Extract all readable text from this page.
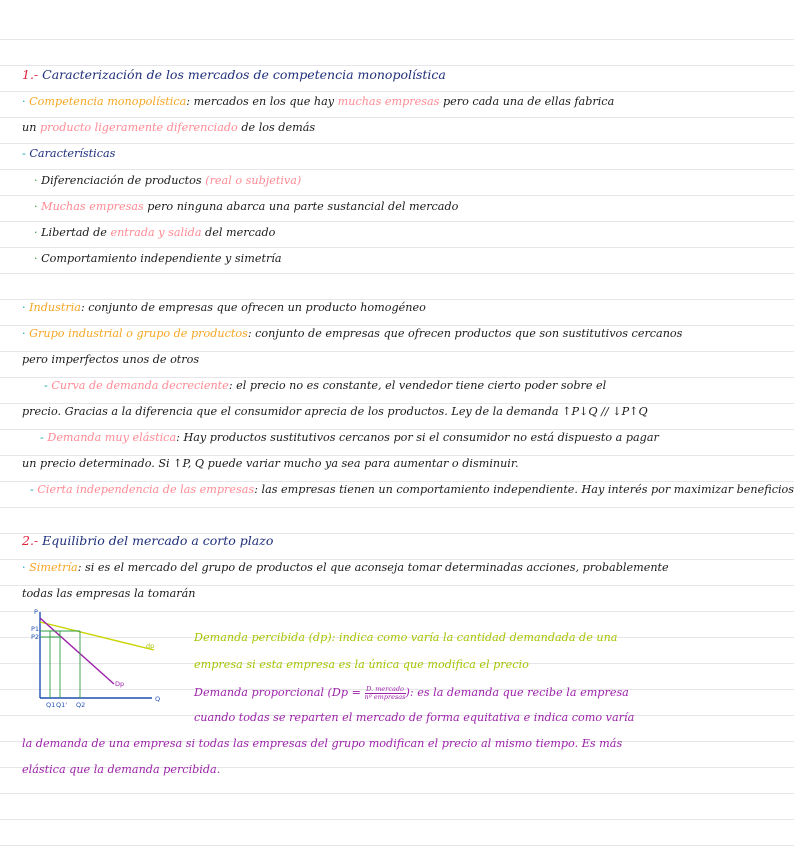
1.- Caracterización de los mercados de competencia monopolística
· Competencia monopolística: mercados en los que hay muchas empresas pero cada una de ellas fabrica
un producto ligeramente diferenciado de los demás
- Características
· Diferenciación de productos (real o subjetiva)
· Muchas empresas pero ninguna abarca una parte sustancial del mercado
· Libertad de entrada y salida del mercado
· Comportamiento independiente y simetría
· Industria: conjunto de empresas que ofrecen un producto homogéneo
· Grupo industrial o grupo de productos: conjunto de empresas que ofrecen productos que son sustitutivos cercanos
pero imperfectos unos de otros
- Curva de demanda decreciente: el precio no es constante, el vendedor tiene cierto poder sobre el
precio. Gracias a la diferencia que el consumidor aprecia de los productos. Ley de la demanda ↑P↓Q // ↓P↑Q
- Demanda muy elástica: Hay productos sustitutivos cercanos por si el consumidor no está dispuesto a pagar
un precio determinado. Si ↑P, Q puede variar mucho ya sea para aumentar o disminuir.
- Cierta independencia de las empresas: las empresas tienen un comportamiento independiente. Hay interés por maximizar beneficios
2.- Equilibrio del mercado a corto plazo
· Simetría: si es el mercado del grupo de productos el que aconseja tomar determinadas acciones, probablemente
todas las empresas la tomarán
P
Q
P1
P2
Q1 Q1' Q2
dp
Dp
Demanda percibida (dp): indica como varía la cantidad demandada de una
empresa si esta empresa es la única que modifica el precio
Demanda proporcional (Dp = D. mercado
nº empresas ): es la demanda que recibe la empresa
cuando todas se reparten el mercado de forma equitativa e indica como varía
la demanda de una empresa si todas las empresas del grupo modifican el precio al mismo tiempo. Es más
elástica que la demanda percibida.
